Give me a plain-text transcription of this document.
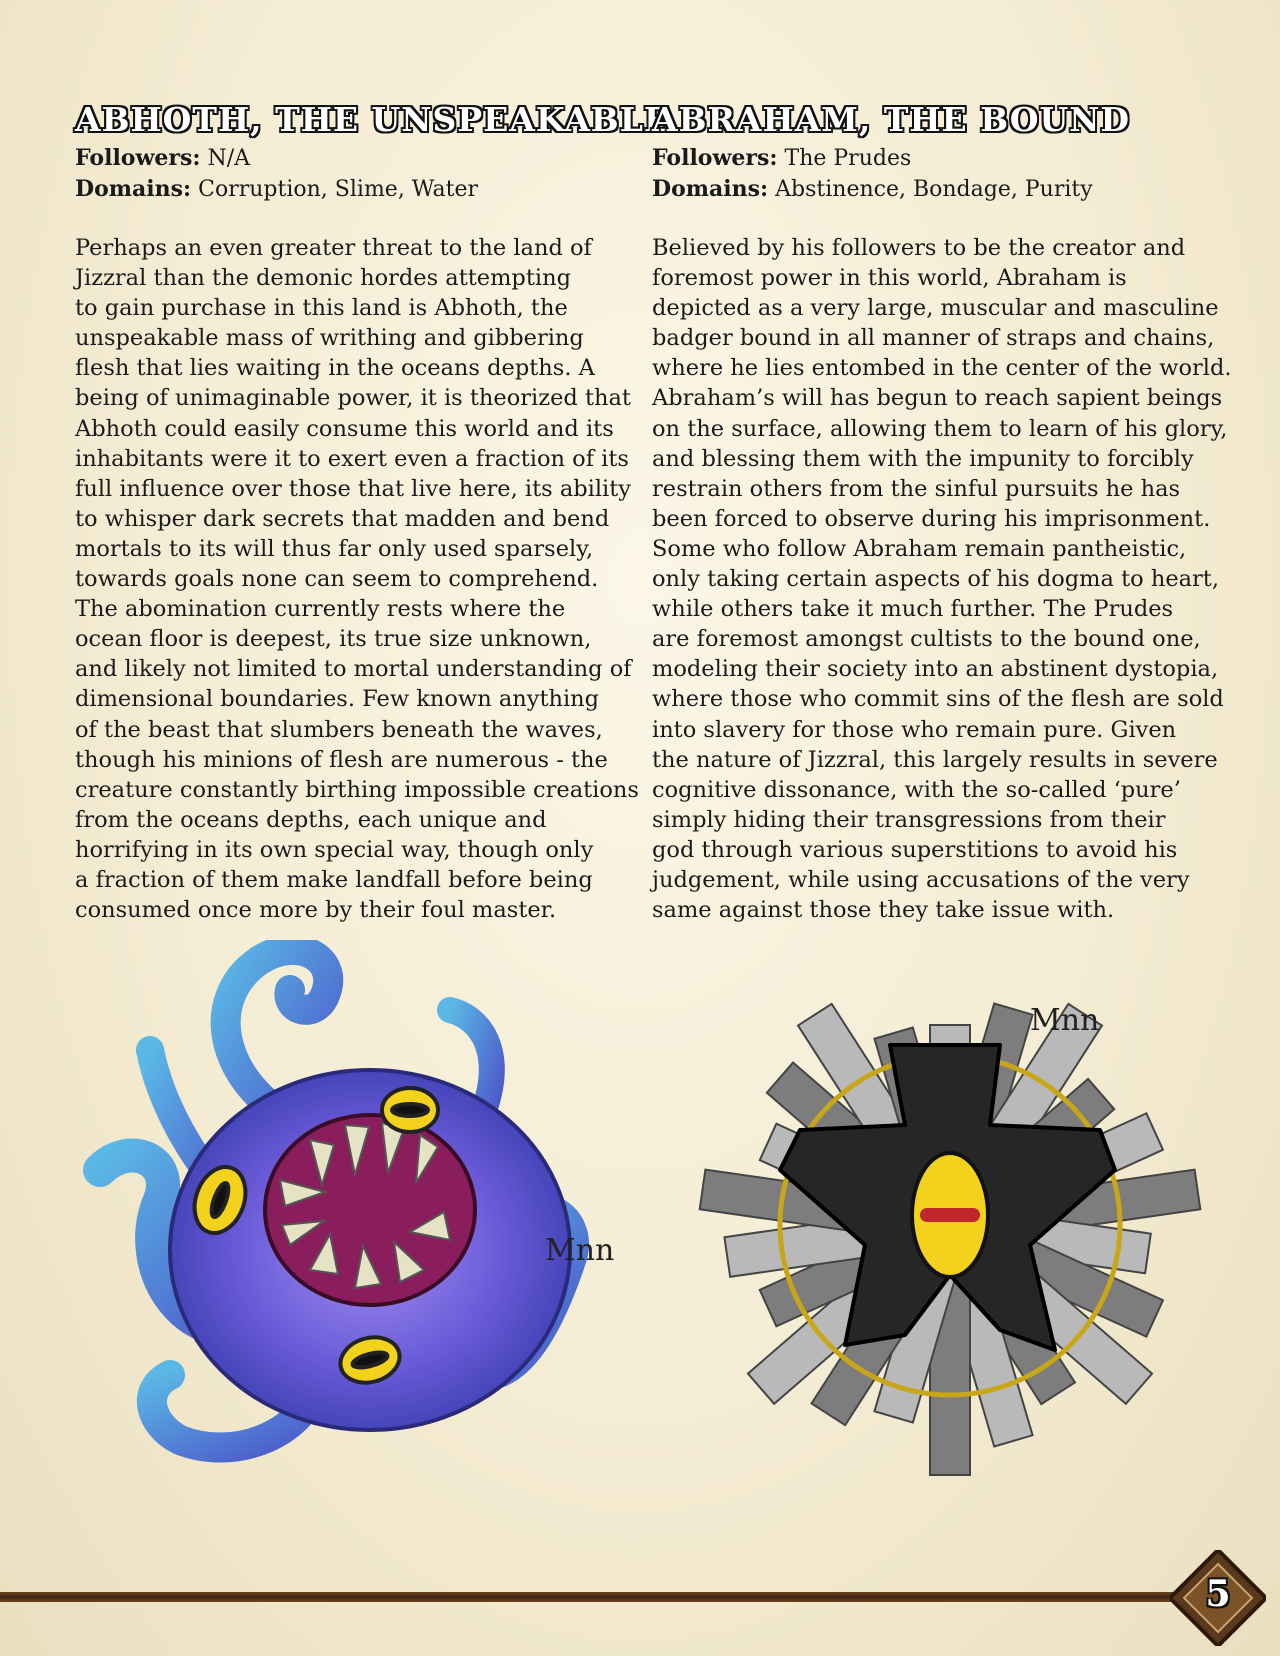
ABHOTH, THE UNSPEAKABLE

Followers: N/A

Domains: Corruption, Slime, Water

Perhaps an even greater threat to the land of
Jizzral than the demonic hordes attempting
to gain purchase in this land is Abhoth, the
unspeakable mass of writhing and gibbering
flesh that lies waiting in the oceans depths. A
being of unimaginable power, it is theorized that
Abhoth could easily consume this world and its
inhabitants were it to exert even a fraction of its
full influence over those that live here, its ability
to whisper dark secrets that madden and bend
mortals to its will thus far only used sparsely,
towards goals none can seem to comprehend.
The abomination currently rests where the
ocean floor is deepest, its true size unknown,
and likely not limited to mortal understanding of
dimensional boundaries. Few known anything
of the beast that slumbers beneath the waves,
though his minions of flesh are numerous - the
creature constantly birthing impossible creations
from the oceans depths, each unique and
horrifying in its own special way, though only
a fraction of them make landfall before being
consumed once more by their foul master.

ABRAHAM, THE BOUND

Followers: The Prudes

Domains: Abstinence, Bondage, Purity

Believed by his followers to be the creator and
foremost power in this world, Abraham is
depicted as a very large, muscular and masculine
badger bound in all manner of straps and chains,
where he lies entombed in the center of the world.
Abraham’s will has begun to reach sapient beings
on the surface, allowing them to learn of his glory,
and blessing them with the impunity to forcibly
restrain others from the sinful pursuits he has
been forced to observe during his imprisonment.
Some who follow Abraham remain pantheistic,
only taking certain aspects of his dogma to heart,
while others take it much further. The Prudes
are foremost amongst cultists to the bound one,
modeling their society into an abstinent dystopia,
where those who commit sins of the flesh are sold
into slavery for those who remain pure. Given
the nature of Jizzral, this largely results in severe
cognitive dissonance, with the so-called ‘pure’
simply hiding their transgressions from their
god through various superstitions to avoid his
judgement, while using accusations of the very
same against those they take issue with.

Mnn
Mnn
5
